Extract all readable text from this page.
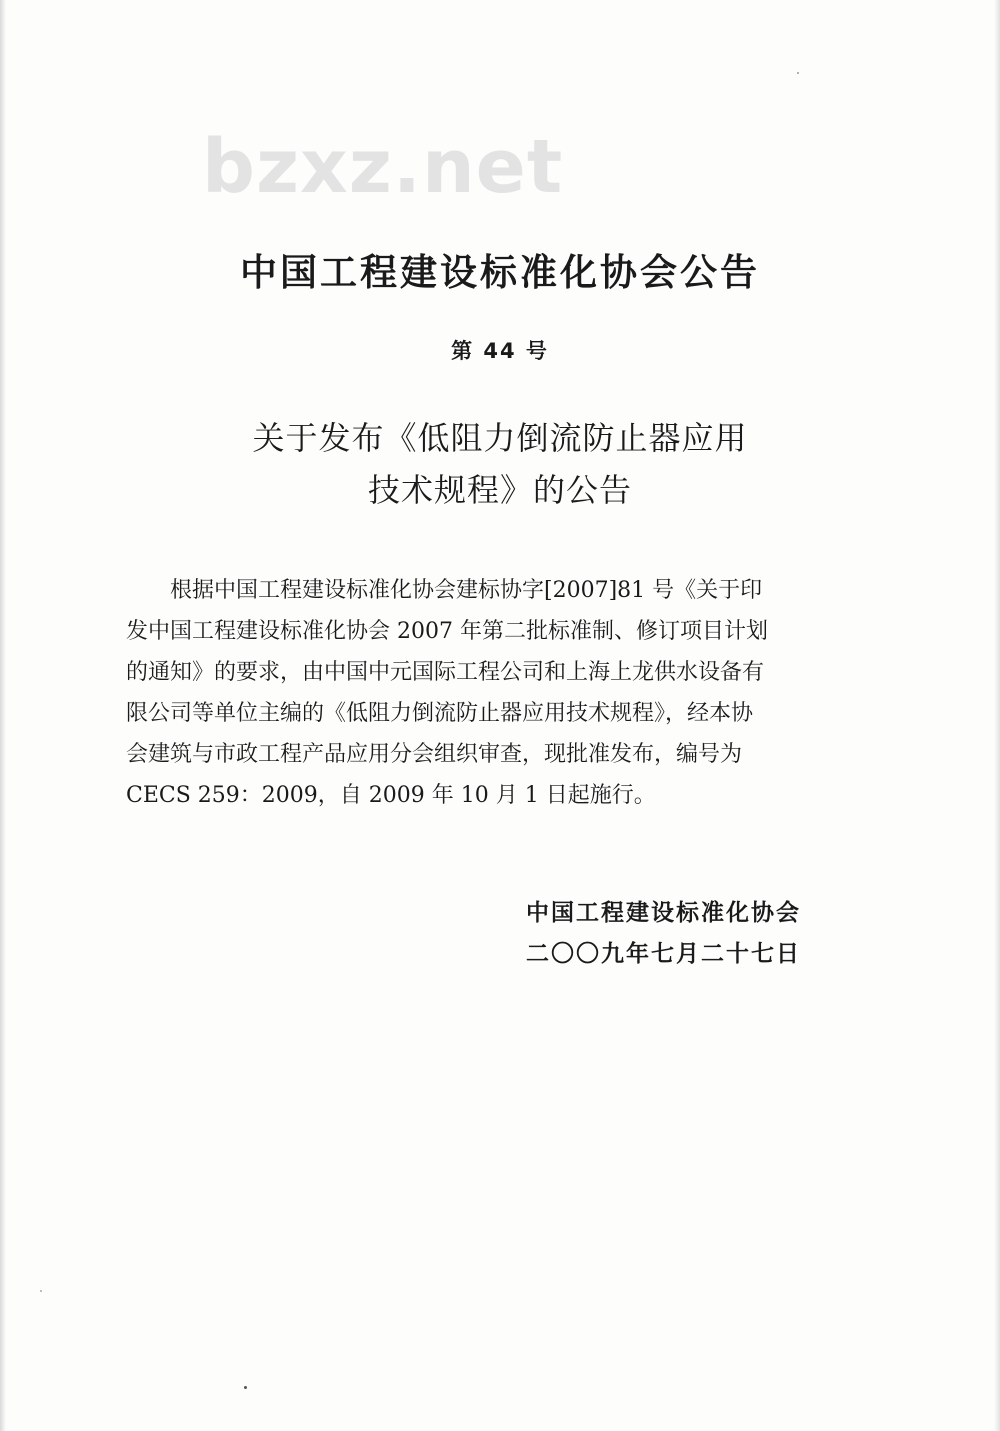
bzxz.net
中国工程建设标准化协会公告
第 44 号
关于发布《低阻力倒流防止器应用
技术规程》的公告
　　根据中国工程建设标准化协会建标协字[2007]81 号《关于印
发中国工程建设标准化协会 2007 年第二批标准制、修订项目计划
的通知》的要求，由中国中元国际工程公司和上海上龙供水设备有
限公司等单位主编的《低阻力倒流防止器应用技术规程》，经本协
会建筑与市政工程产品应用分会组织审查，现批准发布，编号为
CECS 259：2009，自 2009 年 10 月 1 日起施行。
中国工程建设标准化协会
二〇〇九年七月二十七日
